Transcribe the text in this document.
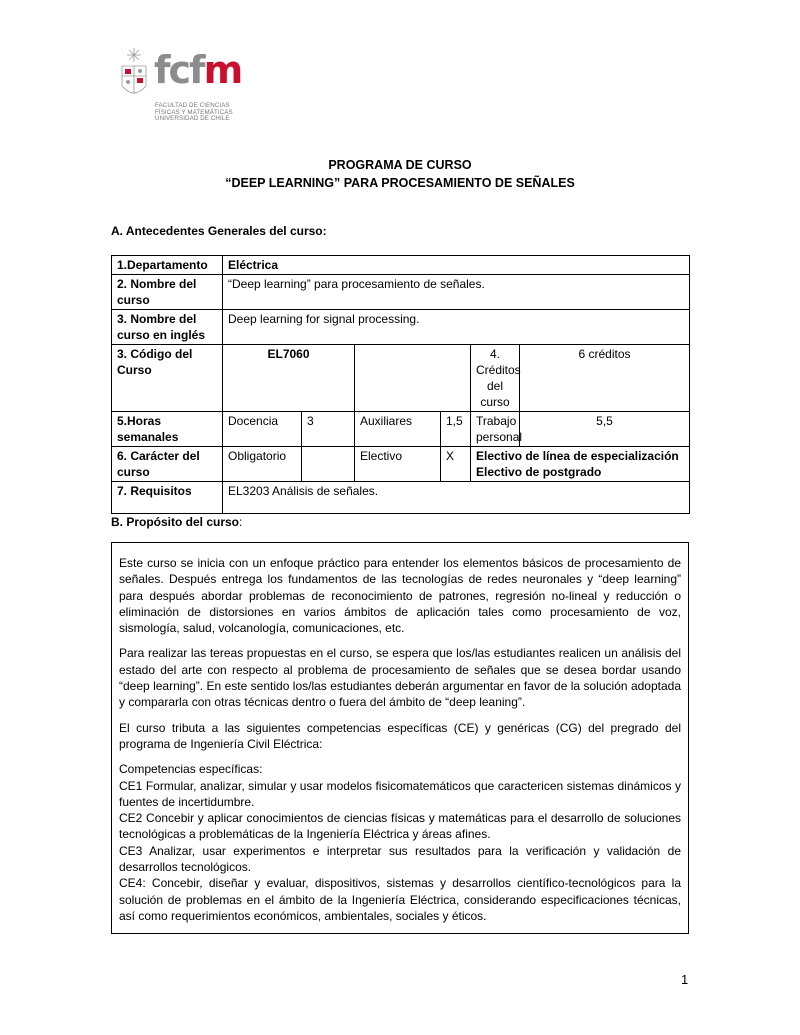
fcfm
FACULTAD DE CIENCIAS
FÍSICAS Y MATEMÁTICAS
UNIVERSIDAD DE CHILE
PROGRAMA DE CURSO
“DEEP LEARNING” PARA PROCESAMIENTO DE SEÑALES
A. Antecedentes Generales del curso:
1.Departamento	Eléctrica					
2. Nombre del curso	“Deep learning” para procesamiento de señales.					
3. Nombre del curso en inglés	Deep learning for signal processing.					
3. Código del Curso	EL7060				4. Créditos del curso	6 créditos
5.Horas semanales	Docencia	3	Auxiliares	1,5	Trabajo personal	5,5
6. Carácter del curso	Obligatorio		Electivo	X	Electivo de línea de especialización
Electivo de postgrado	

7. Requisitos	EL3203 Análisis de señales.					
B. Propósito del curso:

Este curso se inicia con un enfoque práctico para entender los elementos básicos de procesamiento de señales. Después entrega los fundamentos de las tecnologías de redes neuronales y “deep learning” para después abordar problemas de reconocimiento de patrones, regresión no-lineal y reducción o eliminación de distorsiones en varios ámbitos de aplicación tales como procesamiento de voz, sismología, salud, volcanología, comunicaciones, etc.

Para realizar las tereas propuestas en el curso, se espera que los/las estudiantes realicen un análisis del estado del arte con respecto al problema de procesamiento de señales que se desea bordar usando “deep learning”. En este sentido los/las estudiantes deberán argumentar en favor de la solución adoptada y compararla con otras técnicas dentro o fuera del ámbito de “deep leaning”.

El curso tributa a las siguientes competencias específicas (CE) y genéricas (CG) del pregrado del programa de Ingeniería Civil Eléctrica:

Competencias específicas:
CE1 Formular, analizar, simular y usar modelos fisicomatemáticos que caractericen sistemas dinámicos y fuentes de incertidumbre.
CE2 Concebir y aplicar conocimientos de ciencias físicas y matemáticas para el desarrollo de soluciones tecnológicas a problemáticas de la Ingeniería Eléctrica y áreas afines.
CE3 Analizar, usar experimentos e interpretar sus resultados para la verificación y validación de desarrollos tecnológicos.
CE4: Concebir, diseñar y evaluar, dispositivos, sistemas y desarrollos científico-tecnológicos para la solución de problemas en el ámbito de la Ingeniería Eléctrica, considerando especificaciones técnicas, así como requerimientos económicos, ambientales, sociales y éticos.
1
